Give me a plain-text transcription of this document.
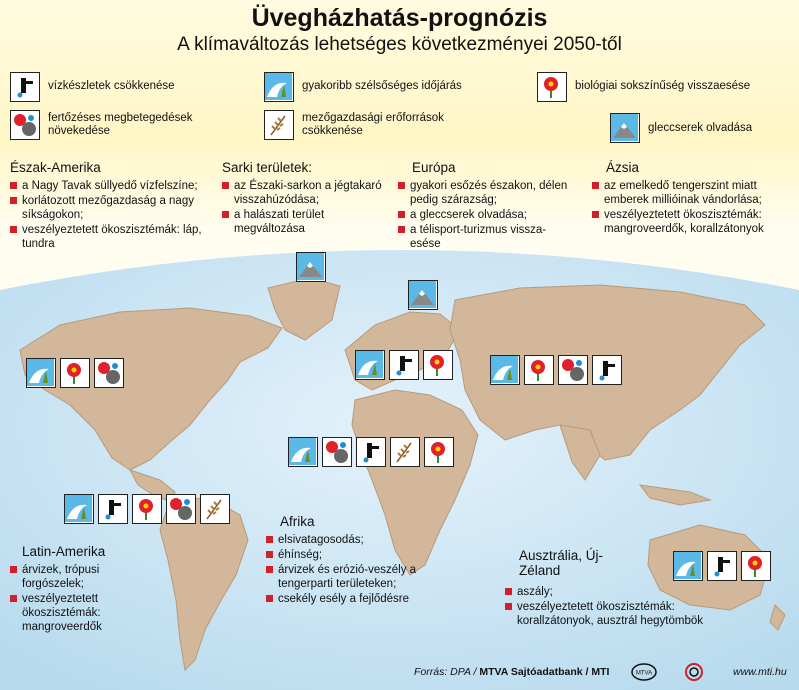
Üvegházhatás-prognózis
A klímaváltozás lehetséges következményei 2050-től
vízkészletek csökkenése	gyakoribb szélsőséges időjárás	biológiai sokszínűség visszaesése
fertőzéses megbetegedések növekedése
mezőgazdasági erőforrások csökkenése	gleccserek olvadása
Észak-Amerika
a Nagy Tavak süllyedő vízfelszíne;
korlátozott mezőgazdaság a nagy síkságokon;
veszélyeztetett ökoszisztémák: láp, tundra
Sarki területek:
az Északi-sarkon a jégtakaró visszahúzódása;
a halászati terület megváltozása
Európa
gyakori esőzés északon, délen pedig szárazság;
a gleccserek olvadása;
a télisport-turizmus vissza-esése
Ázsia
az emelkedő tengerszint miatt emberek millióinak vándorlása;
veszélyeztetett ökoszisztémák: mangroveerdők, korallzátonyok
Afrika
elsivatagosodás;
éhínség;
árvizek és erózió-veszély a tengerparti területeken;
csekély esély a fejlődésre
Latin-Amerika
árvizek, trópusi forgószelek;
veszélyeztetett ökoszisztémák: mangroveerdők
Ausztrália, Új-Zéland
aszály;
veszélyeztetett ökoszisztémák: korallzátonyok, ausztrál hegytömbök
Forrás: DPA / MTVA Sajtóadatbank / MTI	MTVA	www.mti.hu
